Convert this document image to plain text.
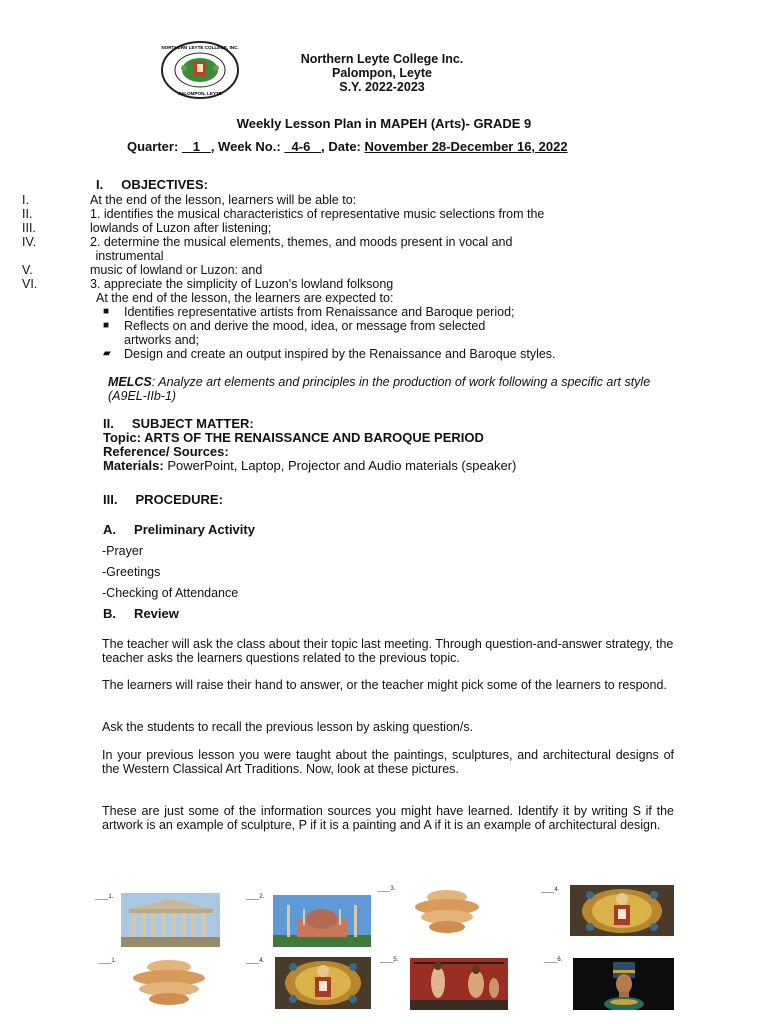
NORTHERN LEYTE COLLEGE, INC.
PALOMPON, LEYTE
Northern Leyte College Inc.
Palompon, Leyte
S.Y. 2022-2023
Weekly Lesson Plan in MAPEH (Arts)- GRADE 9
Quarter:    1   , Week No.:   4-6   , Date: November 28-December 16, 2022
I.     OBJECTIVES:
I.	At the end of the lesson, learners will be able to:
II.	1. identifies the musical characteristics of representative music selections from the
III.	lowlands of Luzon after listening;
IV.	2. determine the musical elements, themes, and moods present in vocal and
instrumental
V.	music of lowland or Luzon: and
VI.	3. appreciate the simplicity of Luzon's lowland folksong
At the end of the lesson, the learners are expected to:
■ Identifies representative artists from Renaissance and Baroque period;
■ Reflects on and derive the mood, idea, or message from selected
artworks and;
▰ Design and create an output inspired by the Renaissance and Baroque styles.
MELCS: Analyze art elements and principles in the production of work following a specific art style (A9EL-IIb-1)
II.     SUBJECT MATTER:
Topic: ARTS OF THE RENAISSANCE AND BAROQUE PERIOD
Reference/ Sources:
Materials: PowerPoint, Laptop, Projector and Audio materials (speaker)
III.     PROCEDURE:
A.     Preliminary Activity
-Prayer
-Greetings
-Checking of Attendance
B.     Review
The teacher will ask the class about their topic last meeting. Through question-and-answer strategy, the teacher asks the learners questions related to the previous topic.
The learners will raise their hand to answer, or the teacher might pick some of the learners to respond.
Ask the students to recall the previous lesson by asking question/s.
In your previous lesson you were taught about the paintings, sculptures, and architectural designs of the Western Classical Art Traditions. Now, look at these pictures.
These are just some of the information sources you might have learned. Identify it by writing S if the artwork is an example of sculpture, P if it is a painting and A if it is an example of architectural design.
____1.	____2.
____3.	____4.
____1.	____4.	____5.	____6.
